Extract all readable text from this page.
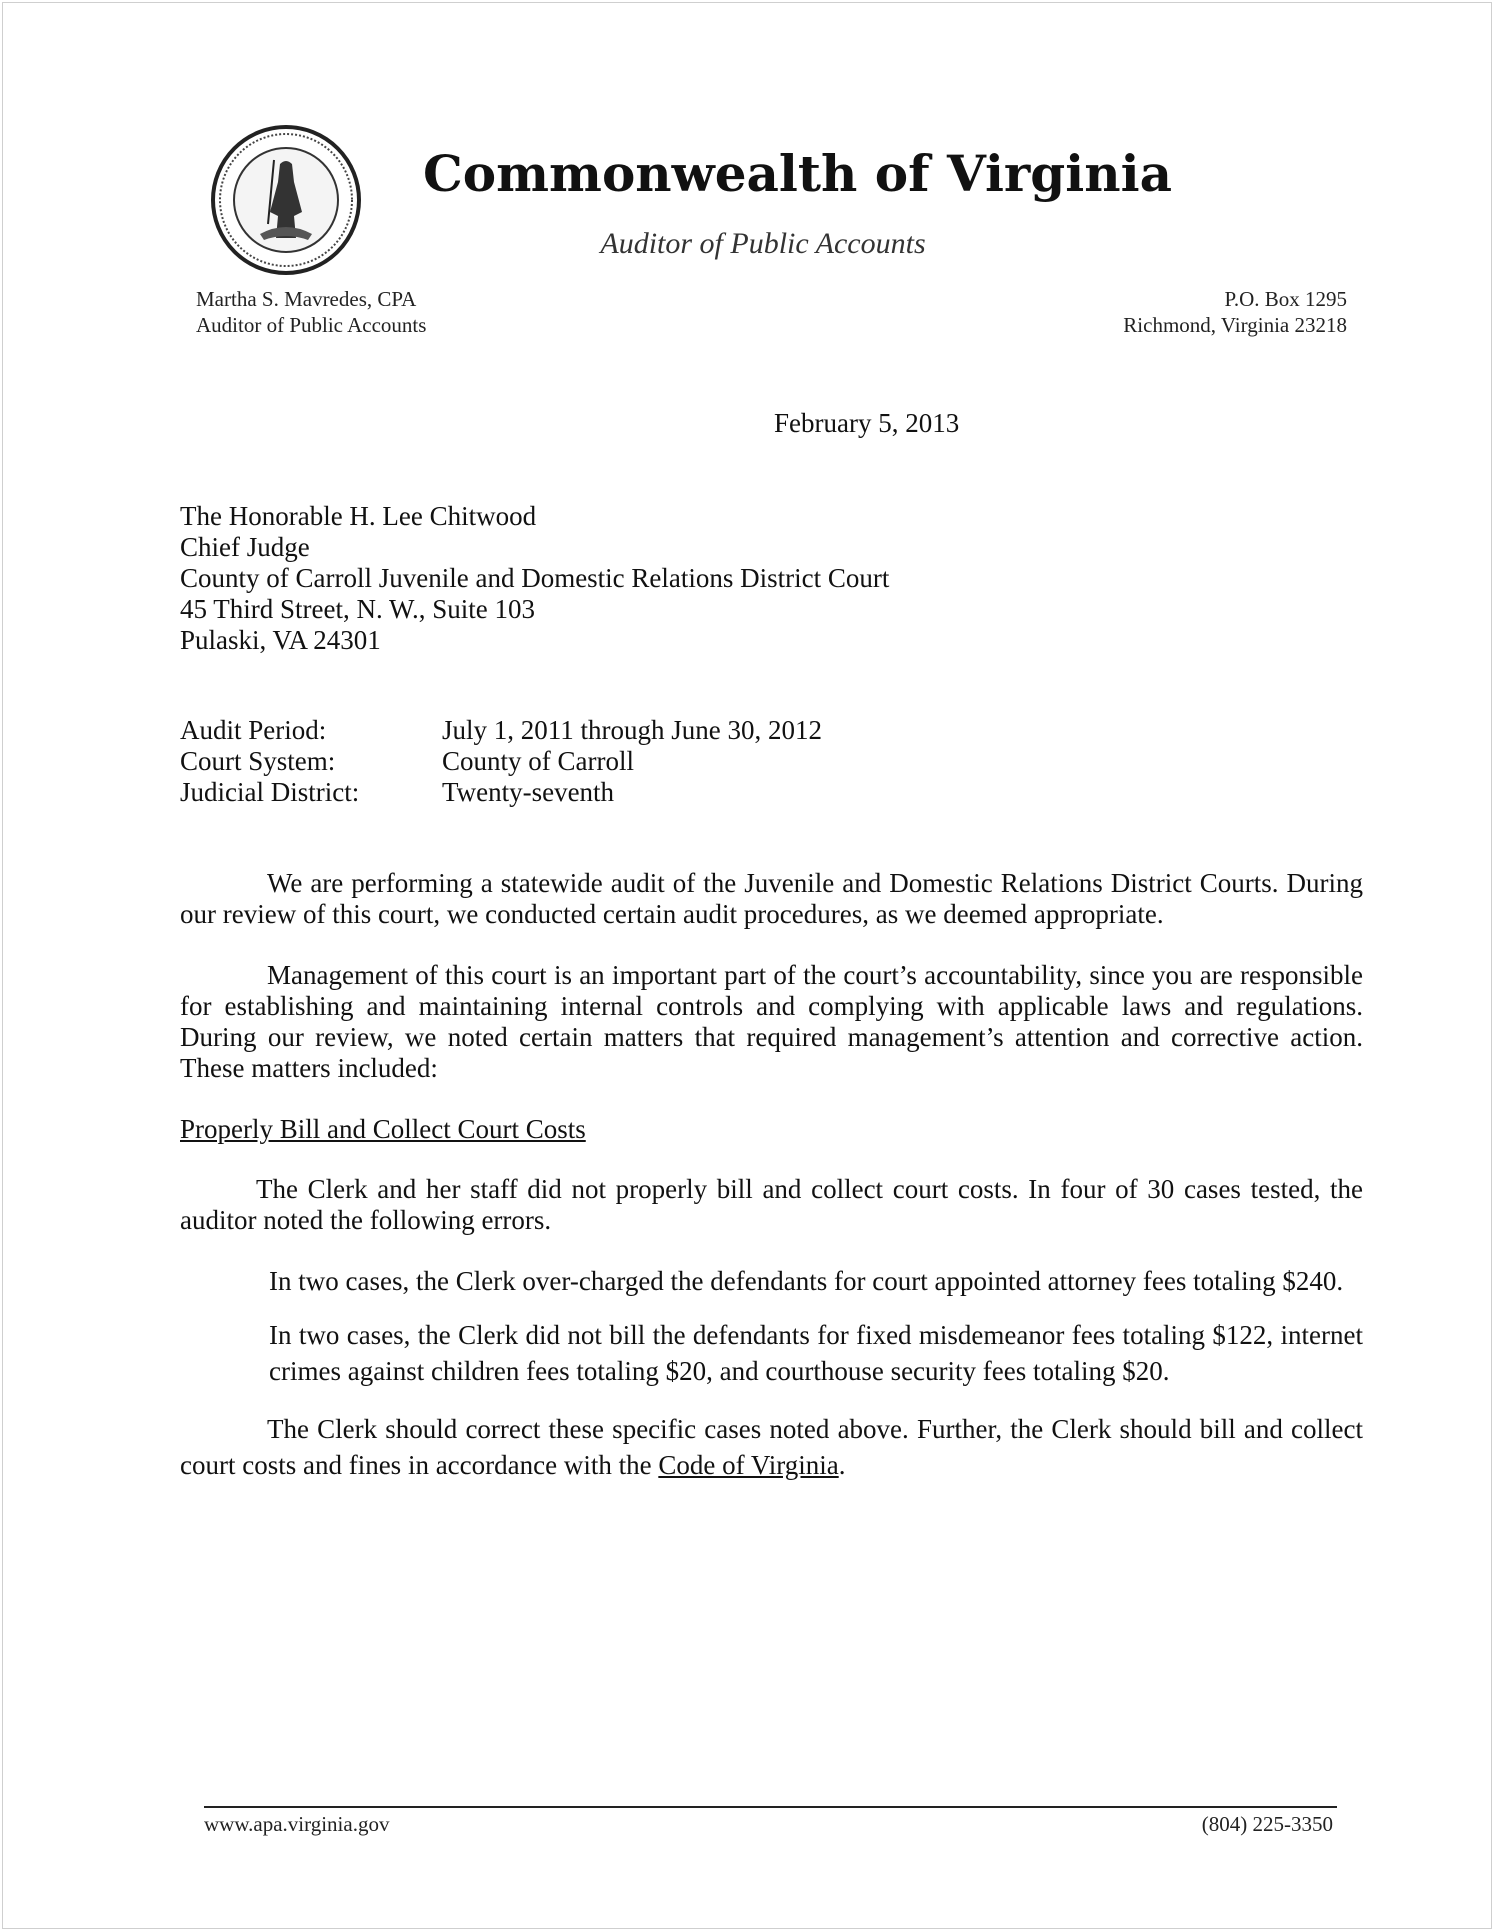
Commonwealth of Virginia
Auditor of Public Accounts
Martha S. Mavredes, CPA
Auditor of Public Accounts
P.O. Box 1295
Richmond, Virginia 23218
February 5, 2013
The Honorable H. Lee Chitwood
Chief Judge
County of Carroll Juvenile and Domestic Relations District Court
45 Third Street, N. W., Suite 103
Pulaski, VA 24301
Audit Period:	July 1, 2011 through June 30, 2012
Court System:	County of Carroll
Judicial District:	Twenty-seventh

We are performing a statewide audit of the Juvenile and Domestic Relations District Courts. During our review of this court, we conducted certain audit procedures, as we deemed appropriate.

Management of this court is an important part of the court’s accountability, since you are responsible for establishing and maintaining internal controls and complying with applicable laws and regulations. During our review, we noted certain matters that required management’s attention and corrective action. These matters included:

Properly Bill and Collect Court Costs

The Clerk and her staff did not properly bill and collect court costs. In four of 30 cases tested, the auditor noted the following errors.

In two cases, the Clerk over-charged the defendants for court appointed attorney fees totaling $240.

In two cases, the Clerk did not bill the defendants for fixed misdemeanor fees totaling $122, internet crimes against children fees totaling $20, and courthouse security fees totaling $20.

The Clerk should correct these specific cases noted above. Further, the Clerk should bill and collect court costs and fines in accordance with the Code of Virginia.

www.apa.virginia.gov	(804) 225-3350
